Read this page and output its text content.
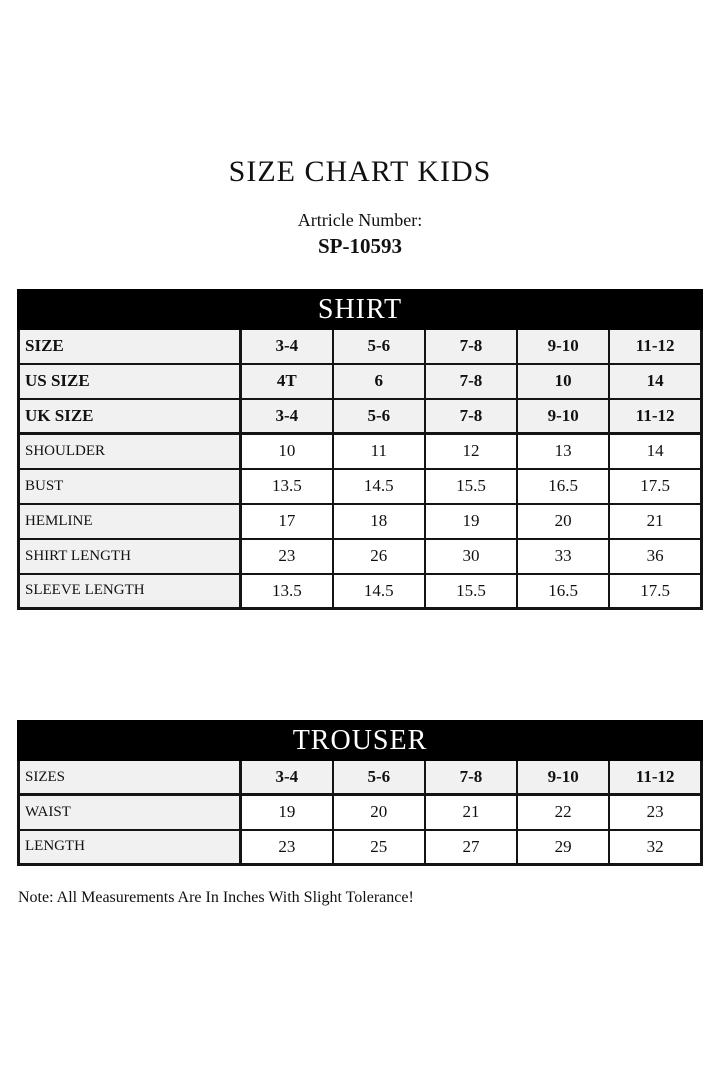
SIZE CHART KIDS
Artricle Number:
SP-10593
SHIRT					
SIZE	3-4	5-6	7-8	9-10	11-12
US SIZE	4T	6	7-8	10	14
UK SIZE	3-4	5-6	7-8	9-10	11-12
SHOULDER	10	11	12	13	14
BUST	13.5	14.5	15.5	16.5	17.5
HEMLINE	17	18	19	20	21
SHIRT LENGTH	23	26	30	33	36
SLEEVE LENGTH	13.5	14.5	15.5	16.5	17.5
TROUSER					
SIZES	3-4	5-6	7-8	9-10	11-12
WAIST	19	20	21	22	23
LENGTH	23	25	27	29	32
Note: All Measurements Are In Inches With Slight Tolerance!
